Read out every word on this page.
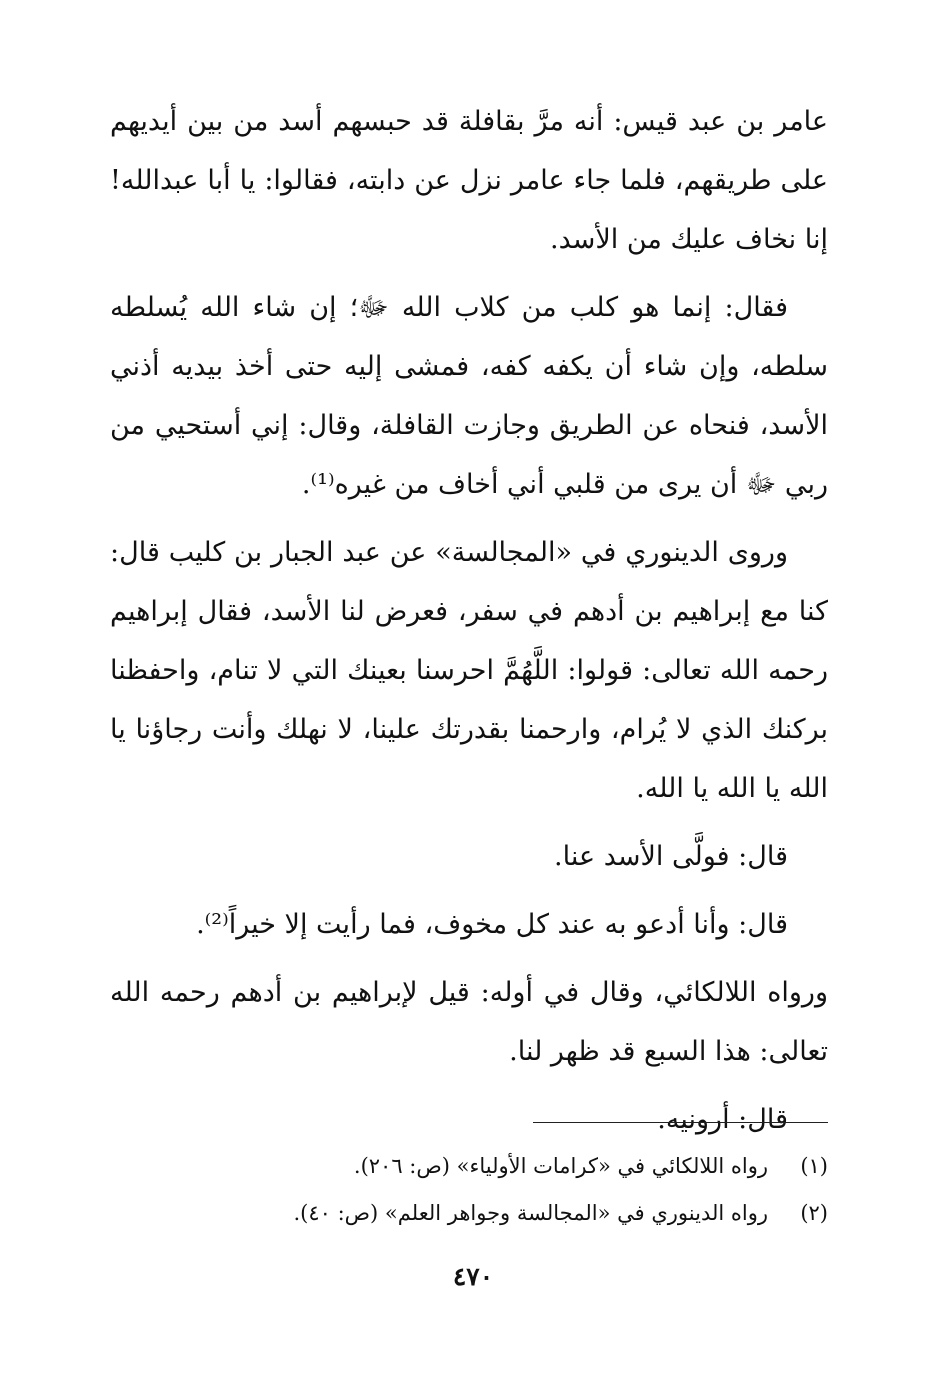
عامر بن عبد قيس: أنه مرَّ بقافلة قد حبسهم أسد من بين أيديهم على طريقهم، فلما جاء عامر نزل عن دابته، فقالوا: يا أبا عبدالله! إنا نخاف عليك من الأسد.

فقال: إنما هو كلب من كلاب الله ﷻ؛ إن شاء الله يُسلطه سلطه، وإن شاء أن يكفه كفه، فمشى إليه حتى أخذ بيديه أذني الأسد، فنحاه عن الطريق وجازت القافلة، وقال: إني أستحيي من ربي ﷻ أن يرى من قلبي أني أخاف من غيره⁽¹⁾.

وروى الدينوري في «المجالسة» عن عبد الجبار بن كليب قال: كنا مع إبراهيم بن أدهم في سفر، فعرض لنا الأسد، فقال إبراهيم رحمه الله تعالى: قولوا: اللَّهُمَّ احرسنا بعينك التي لا تنام، واحفظنا بركنك الذي لا يُرام، وارحمنا بقدرتك علينا، لا نهلك وأنت رجاؤنا يا الله يا الله يا الله.

قال: فولَّى الأسد عنا.

قال: وأنا أدعو به عند كل مخوف، فما رأيت إلا خيراً⁽²⁾.

ورواه اللالكائي، وقال في أوله: قيل لإبراهيم بن أدهم رحمه الله تعالى: هذا السبع قد ظهر لنا.

قال: أرونيه.

(١)
رواه اللالكائي في «كرامات الأولياء» (ص: ٢٠٦).
(٢)
رواه الدينوري في «المجالسة وجواهر العلم» (ص: ٤٠).
٤٧٠
